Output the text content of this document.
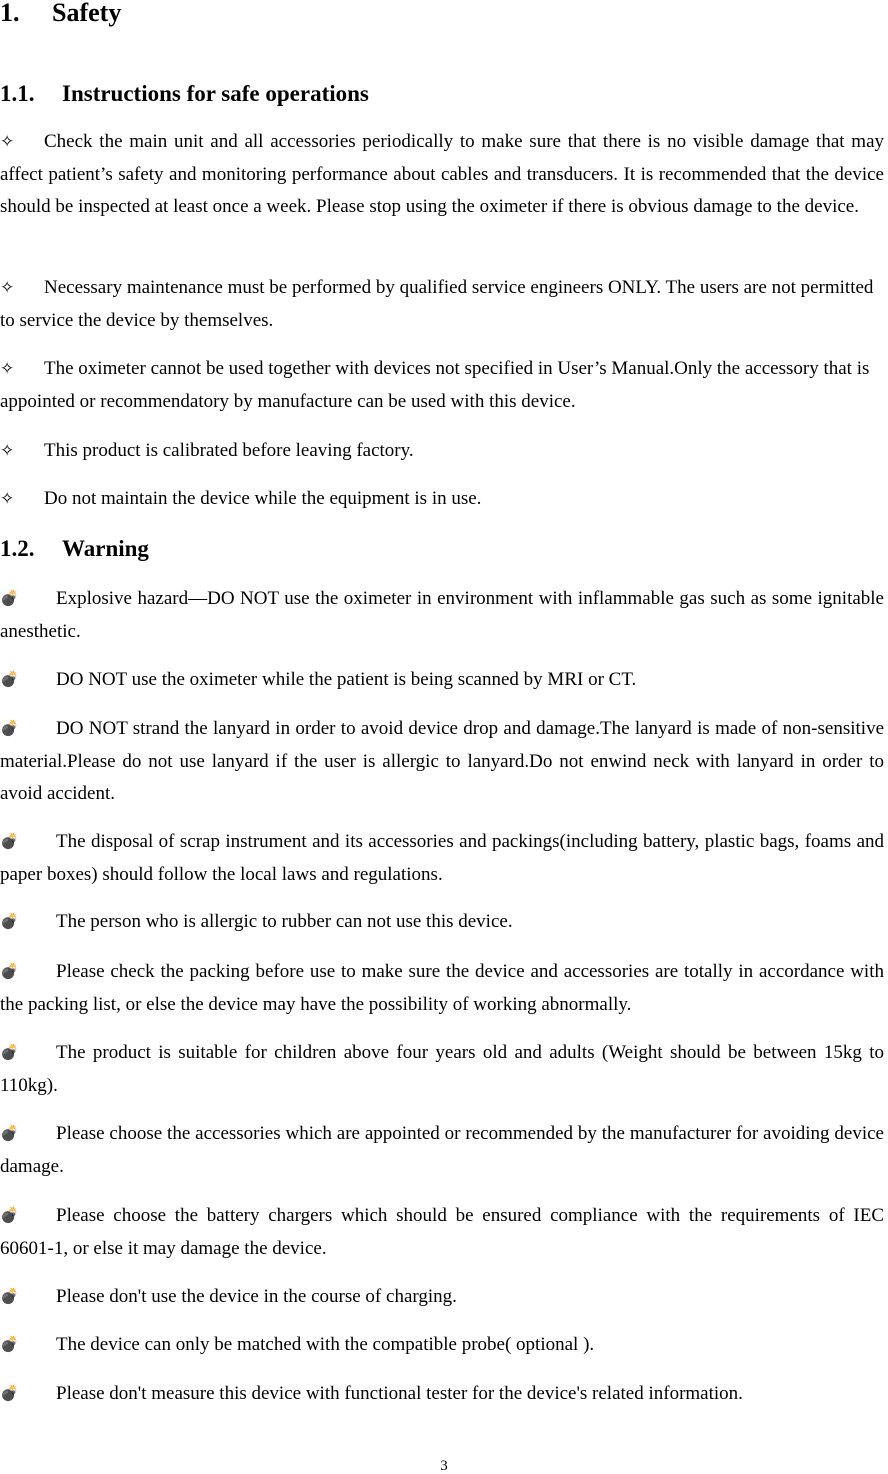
1. Safety
1.1. Instructions for safe operations
✧ Check the main unit and all accessories periodically to make sure that there is no visible damage that may affect patient’s safety and monitoring performance about cables and transducers. It is recommended that the device should be inspected at least once a week. Please stop using the oximeter if there is obvious damage to the device.
✧ Necessary maintenance must be performed by qualified service engineers ONLY. The users are not permitted to service the device by themselves.
✧ The oximeter cannot be used together with devices not specified in User’s Manual.Only the accessory that is appointed or recommendatory by manufacture can be used with this device.
✧ This product is calibrated before leaving factory.
✧ Do not maintain the device while the equipment is in use.
1.2. Warning
💣 Explosive hazard—DO NOT use the oximeter in environment with inflammable gas such as some ignitable anesthetic.
💣 DO NOT use the oximeter while the patient is being scanned by MRI or CT.
💣 DO NOT strand the lanyard in order to avoid device drop and damage.The lanyard is made of non-sensitive material.Please do not use lanyard if the user is allergic to lanyard.Do not enwind neck with lanyard in order to avoid accident.
💣 The disposal of scrap instrument and its accessories and packings(including battery, plastic bags, foams and paper boxes) should follow the local laws and regulations.
💣 The person who is allergic to rubber can not use this device.
💣 Please check the packing before use to make sure the device and accessories are totally in accordance with the packing list, or else the device may have the possibility of working abnormally.
💣 The product is suitable for children above four years old and adults (Weight should be between 15kg to 110kg).
💣 Please choose the accessories which are appointed or recommended by the manufacturer for avoiding device damage.
💣 Please choose the battery chargers which should be ensured compliance with the requirements of IEC 60601-1, or else it may damage the device.
💣 Please don't use the device in the course of charging.
💣 The device can only be matched with the compatible probe( optional ).
💣 Please don't measure this device with functional tester for the device's related information.
3
